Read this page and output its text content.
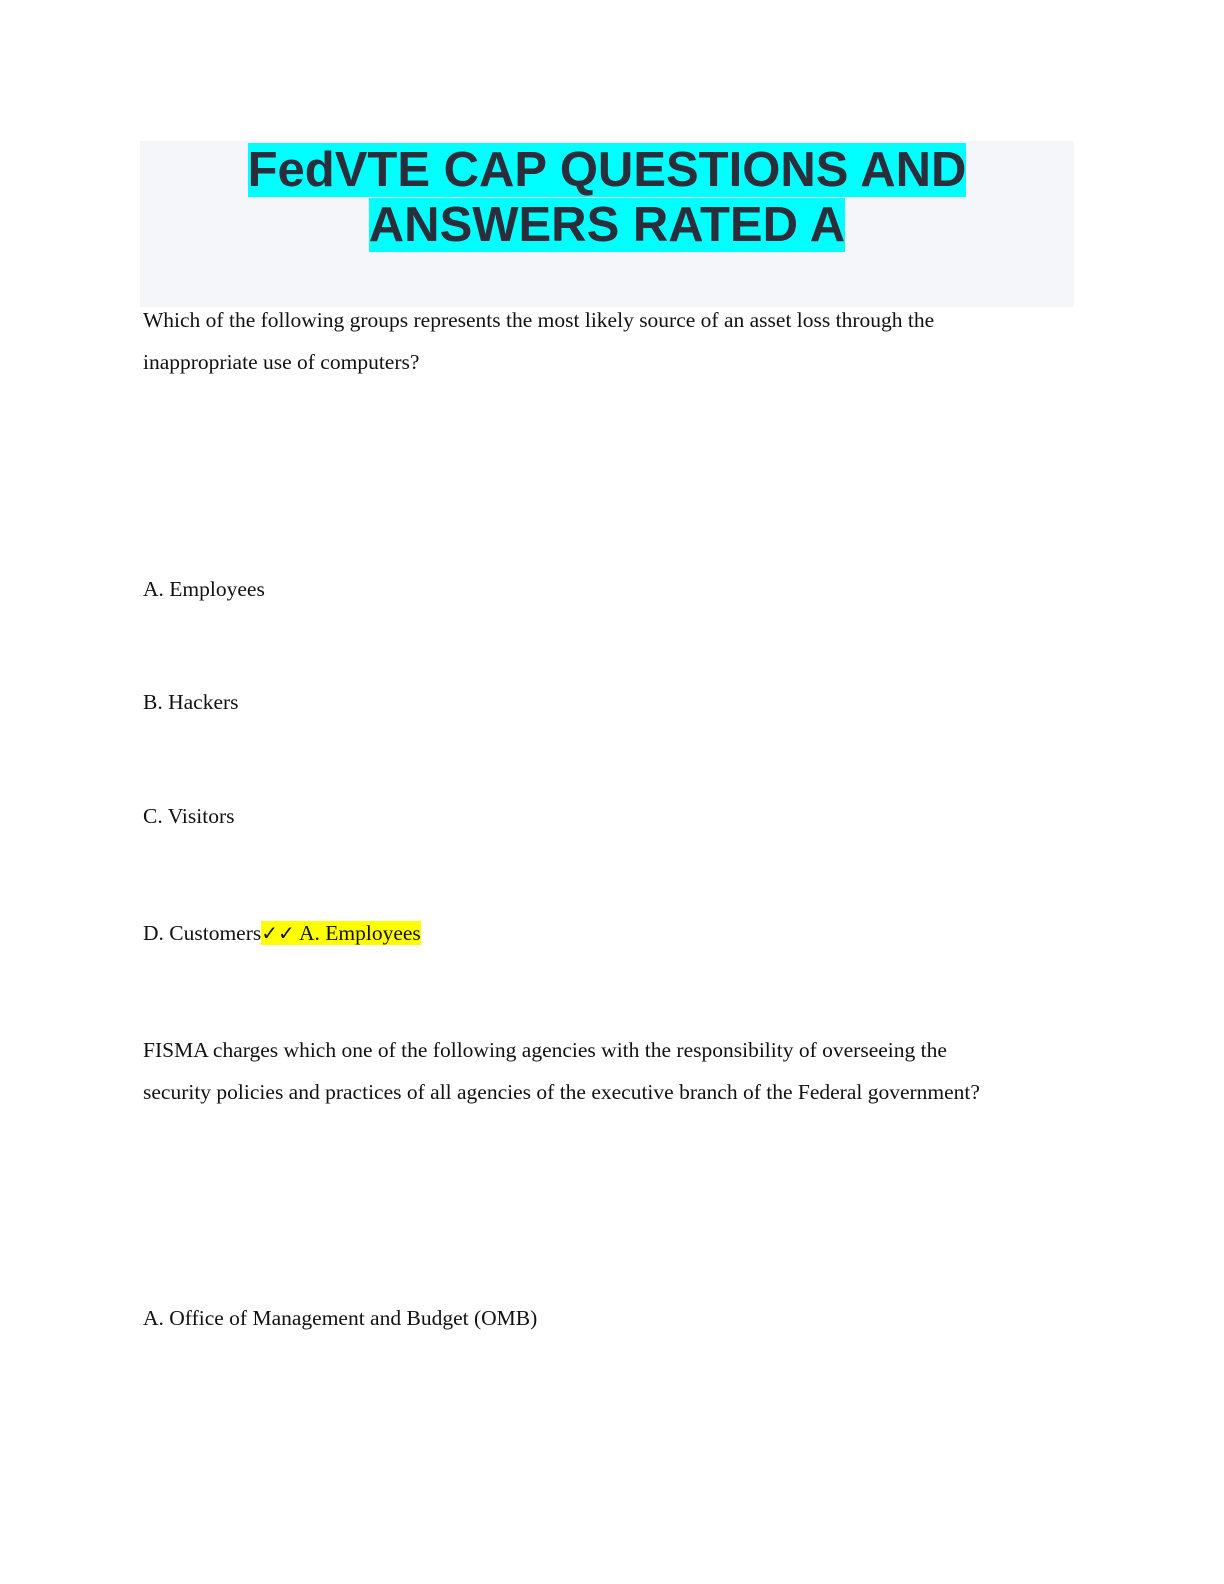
FedVTE CAP QUESTIONS AND ANSWERS RATED A
Which of the following groups represents the most likely source of an asset loss through the
inappropriate use of computers?
A. Employees
B. Hackers
C. Visitors
D. Customers✓✓ A. Employees
FISMA charges which one of the following agencies with the responsibility of overseeing the
security policies and practices of all agencies of the executive branch of the Federal government?
A. Office of Management and Budget (OMB)
